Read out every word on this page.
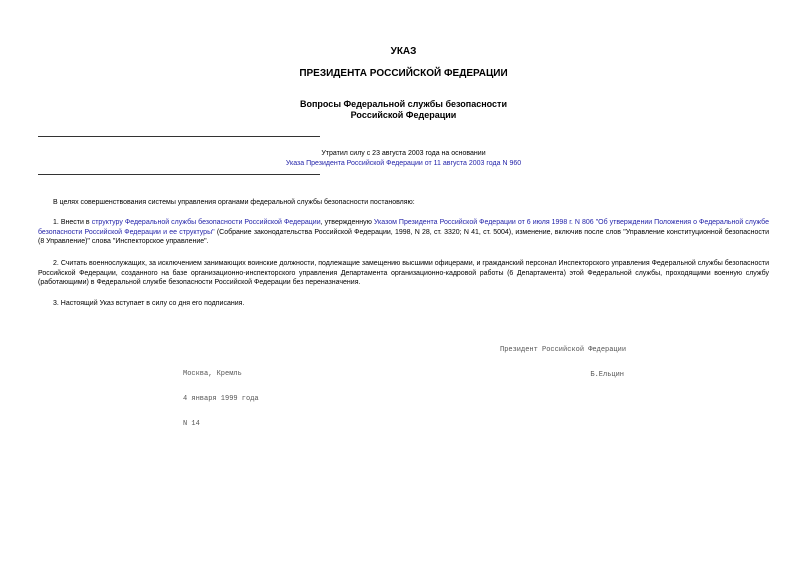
УКАЗ
ПРЕЗИДЕНТА РОССИЙСКОЙ ФЕДЕРАЦИИ
Вопросы Федеральной службы безопасности
Российской Федерации
Утратил силу с 23 августа 2003 года на основании
Указа Президента Российской Федерации от 11 августа 2003 года N 960
В целях совершенствования системы управления органами федеральной службы безопасности постановляю:
1. Внести в структуру Федеральной службы безопасности Российской Федерации, утвержденную Указом Президента Российской Федерации от 6 июля 1998 г. N 806 "Об утверждении Положения о Федеральной службе безопасности Российской Федерации и ее структуры" (Собрание законодательства Российской Федерации, 1998, N 28, ст. 3320; N 41, ст. 5004), изменение, включив после слов "Управление конституционной безопасности (8 Управление)" слова "Инспекторское управление".
2. Считать военнослужащих, за исключением занимающих воинские должности, подлежащие замещению высшими офицерами, и гражданский персонал Инспекторского управления Федеральной службы безопасности Российской Федерации, созданного на базе организационно-инспекторского управления Департамента организационно-кадровой работы (6 Департамента) этой Федеральной службы, проходящими военную службу (работающими) в Федеральной службе безопасности Российской Федерации без переназначения.
3. Настоящий Указ вступает в силу со дня его подписания.

Президент Российской Федерации

Б.Ельцин

Москва, Кремль

4 января 1999 года

N 14
